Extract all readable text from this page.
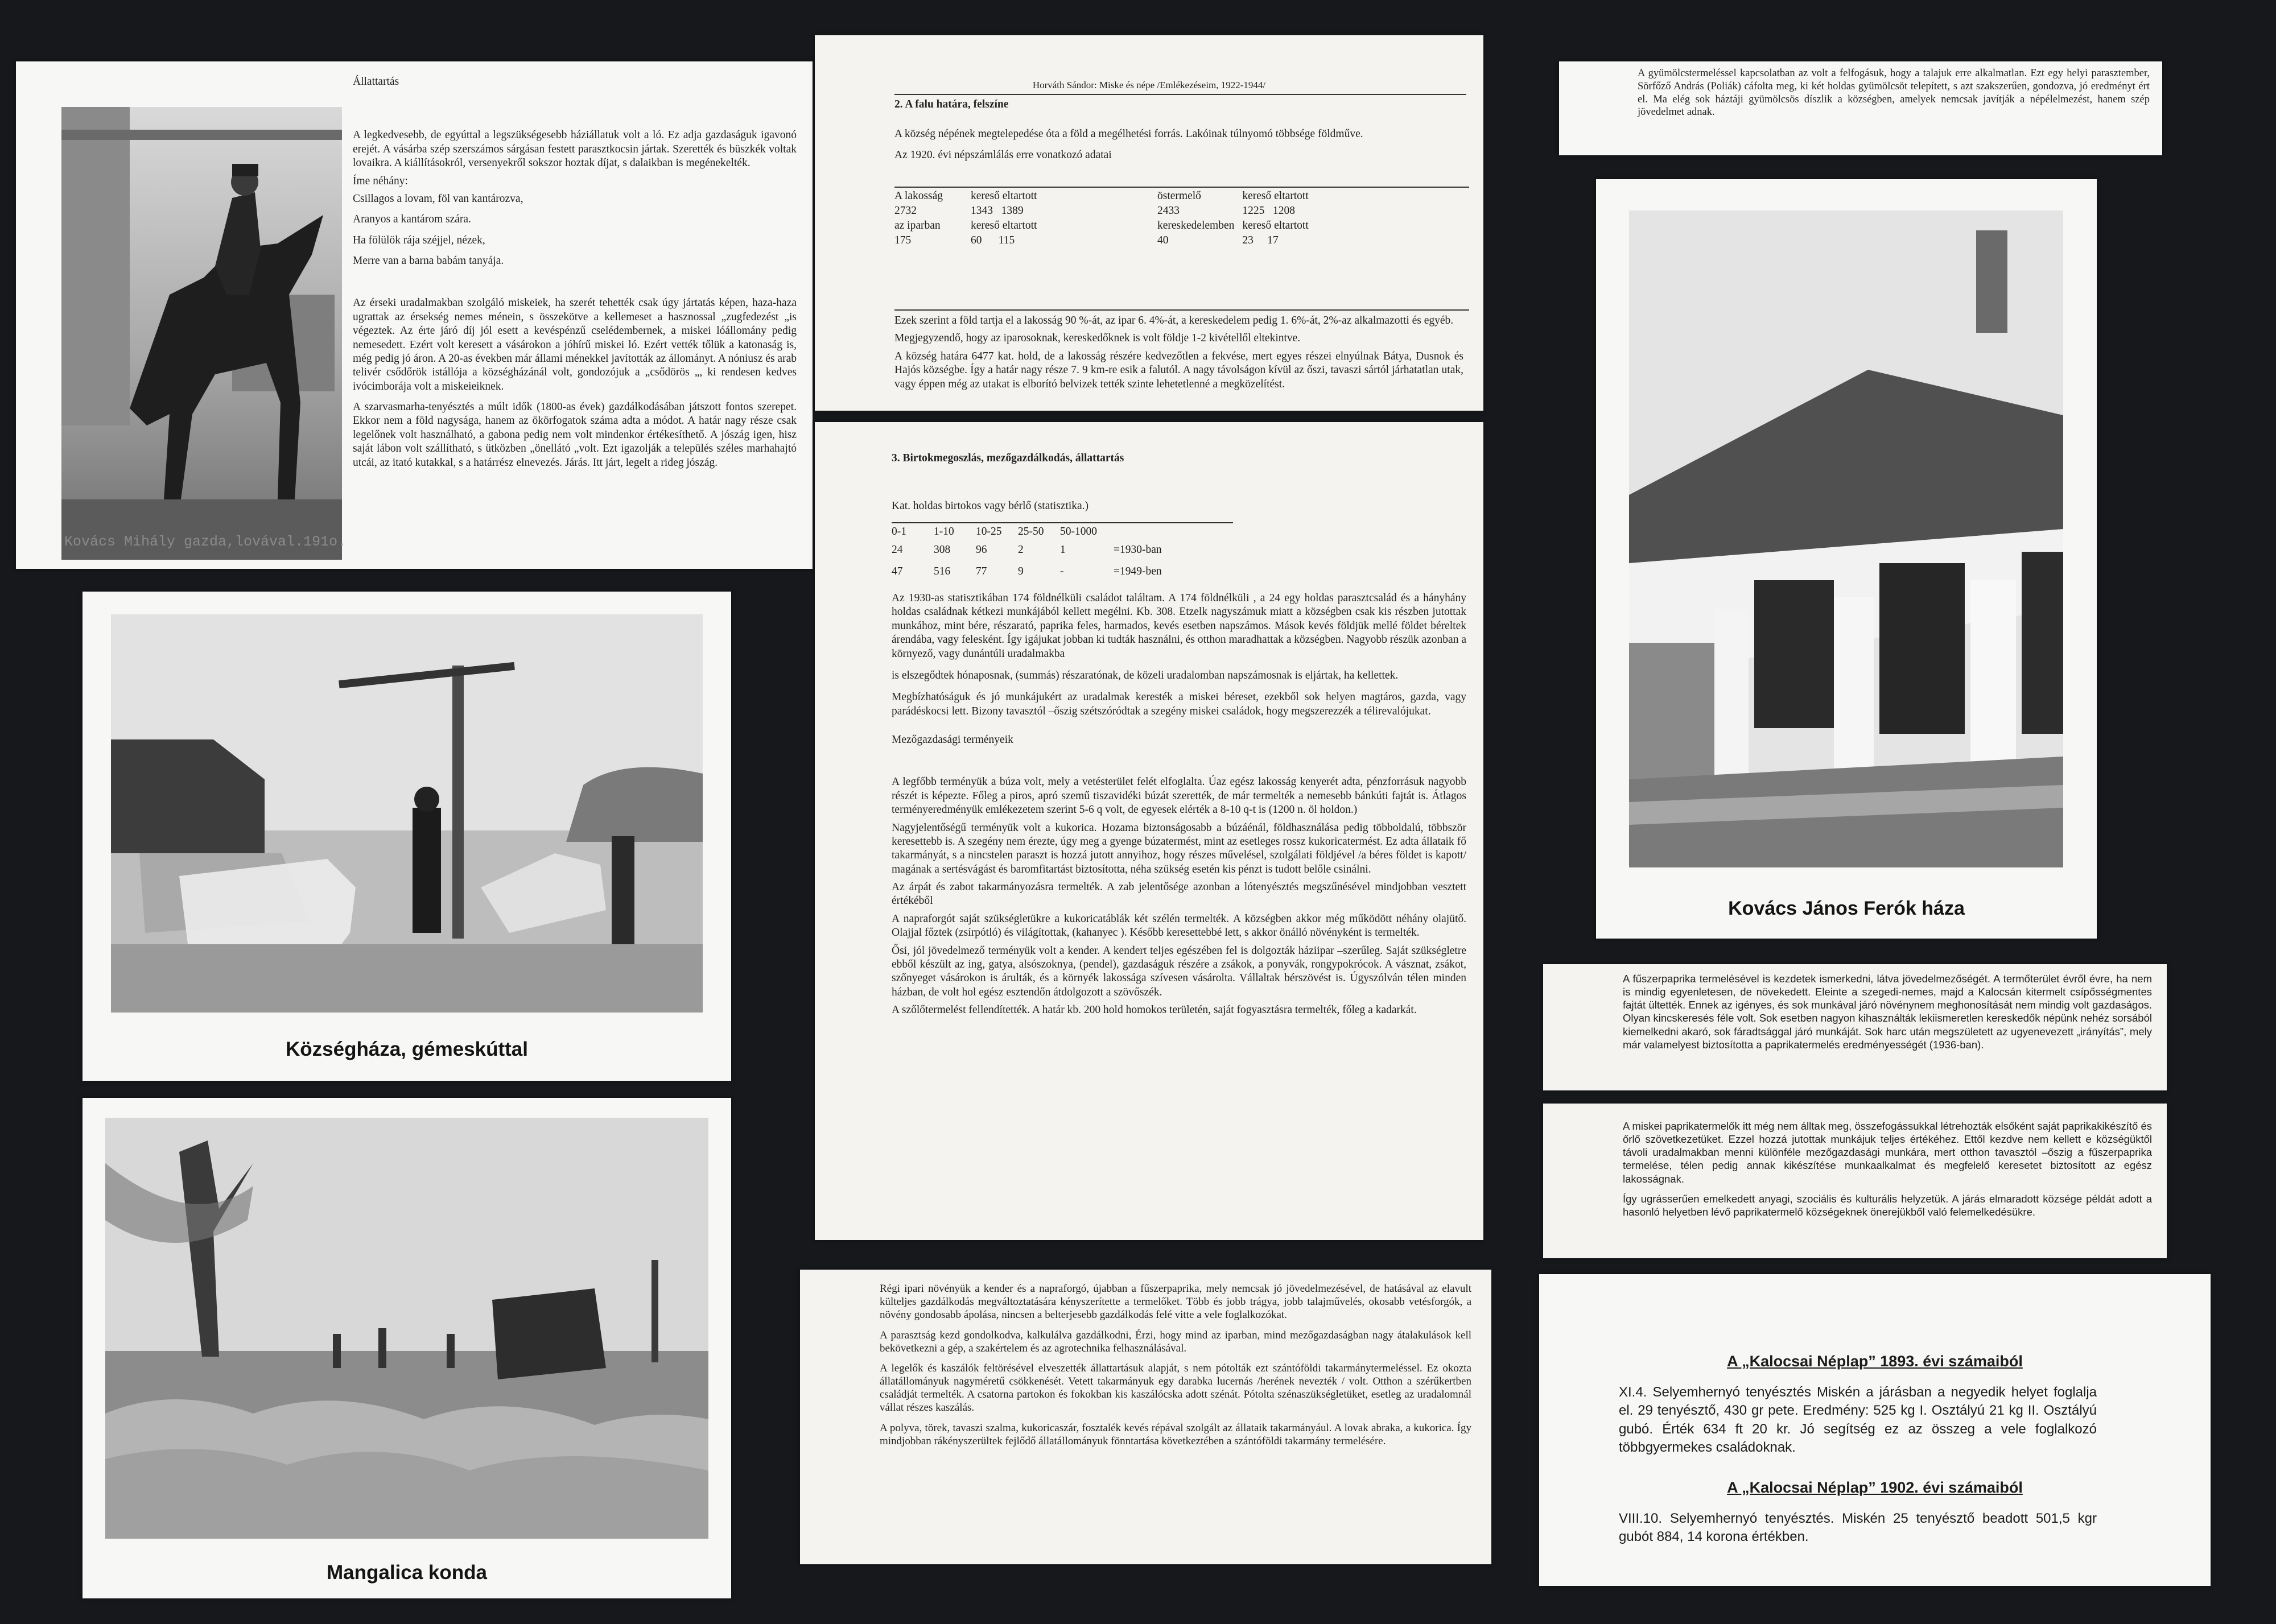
Kovács Mihály gazda,lovával.191o.

Állattartás

A legkedvesebb, de egyúttal a legszükségesebb háziállatuk volt a ló. Ez adja gazdaságuk igavonó erejét. A vásárba szép szerszámos sárgásan festett parasztkocsin jártak. Szerették és büszkék voltak lovaikra. A kiállításokról, versenyekről sokszor hoztak díjat, s dalaikban is megénekelték.

Íme néhány:

Csillagos a lovam, föl van kantározva,

Aranyos a kantárom szára.

Ha fölülök rája széjjel, nézek,

Merre van a barna babám tanyája.

Az érseki uradalmakban szolgáló miskeiek, ha szerét tehették csak úgy jártatás képen, haza-haza ugrattak az érsekség nemes ménein, s összekötve a kellemeset a hasznossal „zugfedezést „is végeztek. Az érte járó díj jól esett a kevéspénzű cselédembernek, a miskei lóállomány pedig nemesedett. Ezért volt keresett a vásárokon a jóhírű miskei ló. Ezért vették tőlük a katonaság is, még pedig jó áron. A 20-as években már állami ménekkel javították az állományt. A nóniusz és arab telivér csődőrök istállója a községházánál volt, gondozójuk a „csődörös „, ki rendesen kedves ivócimborája volt a miskeieiknek.

A szarvasmarha-tenyésztés a múlt idők (1800-as évek) gazdálkodásában játszott fontos szerepet. Ekkor nem a föld nagysága, hanem az ökörfogatok száma adta a módot. A határ nagy része csak legelőnek volt használható, a gabona pedig nem volt mindenkor értékesíthető. A jószág igen, hisz saját lábon volt szállítható, s ütközben „önellátó „volt. Ezt igazolják a település széles marhahajtó utcái, az itató kutakkal, s a határrész elnevezés. Járás. Itt járt, legelt a rideg jószág.

Községháza, gémeskúttal
Mangalica konda
Horváth Sándor: Miske és népe /Emlékezéseim, 1922-1944/

2. A falu határa, felszíne

A község népének megtelepedése óta a föld a megélhetési forrás. Lakóinak túlnyomó többsége földműve.

Az 1920. évi népszámlálás erre vonatkozó adatai

A lakosság	kereső eltartott		östermelő	kereső eltartott	
2732	1343 1389		2433	1225 1208	
az iparban	kereső eltartott		kereskedelemben	kereső eltartott	
175	60 115		40	23 17	

Ezek szerint a föld tartja el a lakosság 90 %-át, az ipar 6. 4%-át, a kereskedelem pedig 1. 6%-át, 2%-az alkalmazotti és egyéb.

Megjegyzendő, hogy az iparosoknak, kereskedőknek is volt földje 1-2 kivétellől eltekintve.

A község határa 6477 kat. hold, de a lakosság részére kedvezőtlen a fekvése, mert egyes részei elnyúlnak Bátya, Dusnok és Hajós községbe. Így a határ nagy része 7. 9 km-re esik a falutól. A nagy távolságon kívül az őszi, tavaszi sártól járhatatlan utak, vagy éppen még az utakat is elborító belvizek tették szinte lehetetlenné a megközelítést.

3. Birtokmegoszlás, mezőgazdálkodás, állattartás

Kat. holdas birtokos vagy bérlő (statisztika.)

0-1	1-10	10-25	25-50	50-1000	
24	308	96	2	1	=1930-ban
47	516	77	9	-	=1949-ben

Az 1930-as statisztikában 174 földnélküli családot találtam. A 174 földnélküli , a 24 egy holdas parasztcsalád és a hányhány holdas családnak kétkezi munkájából kellett megélni. Kb. 308. Etzelk nagyszámuk miatt a községben csak kis részben jutottak munkához, mint bére, részarató, paprika feles, harmados, kevés esetben napszámos. Mások kevés földjük mellé földet béreltek árendába, vagy felesként. Így igájukat jobban ki tudták használni, és otthon maradhattak a községben. Nagyobb részük azonban a környező, vagy dunántúli uradalmakba

is elszegődtek hónaposnak, (summás) részaratónak, de közeli uradalomban napszámosnak is eljártak, ha kellettek.

Megbízhatóságuk és jó munkájukért az uradalmak keresték a miskei béreset, ezekből sok helyen magtáros, gazda, vagy parádéskocsi lett. Bizony tavasztól –őszig szétszóródtak a szegény miskei családok, hogy megszerezzék a télirevalójukat.

Mezőgazdasági terményeik

A legfőbb terményük a búza volt, mely a vetésterület felét elfoglalta. Úaz egész lakosság kenyerét adta, pénzforrásuk nagyobb részét is képezte. Főleg a piros, apró szemű tiszavidéki búzát szerették, de már termelték a nemesebb bánkúti fajtát is. Átlagos terményeredményük emlékezetem szerint 5-6 q volt, de egyesek elérték a 8-10 q-t is (1200 n. öl holdon.)

Nagyjelentőségű terményük volt a kukorica. Hozama biztonságosabb a búzáénál, földhasználása pedig többoldalú, többször keresettebb is. A szegény nem érezte, úgy meg a gyenge búzatermést, mint az esetleges rossz kukoricatermést. Ez adta állataik fő takarmányát, s a nincstelen paraszt is hozzá jutott annyihoz, hogy részes művelésel, szolgálati földjével /a béres földet is kapott/ magának a sertésvágást és baromfitartást biztosította, néha szükség esetén kis pénzt is tudott belőle csinálni.

Az árpát és zabot takarmányozásra termelték. A zab jelentősége azonban a lótenyésztés megszűnésével mindjobban vesztett értékéből

A napraforgót saját szükségletükre a kukoricatáblák két szélén termelték. A községben akkor még működött néhány olajütő. Olajjal főztek (zsírpótló) és világítottak, (kahanyec ). Később keresettebbé lett, s akkor önálló növényként is termelték.

Ősi, jól jövedelmező terményük volt a kender. A kendert teljes egészében fel is dolgozták háziipar –szerűleg. Saját szükségletre ebből készült az ing, gatya, alsószoknya, (pendel), gazdaságuk részére a zsákok, a ponyvák, rongypokrócok. A vásznat, zsákot, szőnyeget vásárokon is árulták, és a környék lakossága szívesen vásárolta. Vállaltak bérszövést is. Úgyszólván télen minden házban, de volt hol egész esztendőn átdolgozott a szövőszék.

A szőlőtermelést fellendítették. A határ kb. 200 hold homokos területén, saját fogyasztásra termelték, főleg a kadarkát.

Régi ipari növényük a kender és a napraforgó, újabban a fűszerpaprika, mely nemcsak jó jövedelmezésével, de hatásával az elavult külteljes gazdálkodás megváltoztatására kényszerítette a termelőket. Több és jobb trágya, jobb talajművelés, okosabb vetésforgók, a növény gondosabb ápolása, nincsen a belterjesebb gazdálkodás felé vitte a vele foglalkozókat.

A parasztság kezd gondolkodva, kalkulálva gazdálkodni, Érzi, hogy mind az iparban, mind mezőgazdaságban nagy átalakulások kell bekövetkezni a gép, a szakértelem és az agrotechnika felhasználásával.

A legelők és kaszálók feltörésével elveszették állattartásuk alapját, s nem pótolták ezt szántóföldi takarmánytermeléssel. Ez okozta állatállományuk nagyméretű csökkenését. Vetett takarmányuk egy darabka lucernás /herének nevezték / volt. Otthon a szérűkertben családját termelték. A csatorna partokon és fokokban kis kaszálócska adott szénát. Pótolta szénaszükségletüket, esetleg az uradalomnál vállat részes kaszálás.

A polyva, törek, tavaszi szalma, kukoricaszár, fosztalék kevés répával szolgált az állataik takarmányául. A lovak abraka, a kukorica. Így mindjobban rákényszerültek fejlődő állatállományuk fönntartása következtében a szántóföldi takarmány termelésére.

A gyümölcstermeléssel kapcsolatban az volt a felfogásuk, hogy a talajuk erre alkalmatlan. Ezt egy helyi parasztember, Sörfőző András (Poliák) cáfolta meg, ki két holdas gyümölcsöt telepített, s azt szakszerűen, gondozva, jó eredményt ért el. Ma elég sok háztáji gyümölcsös díszlik a községben, amelyek nemcsak javítják a népélelmezést, hanem szép jövedelmet adnak.

Kovács János Ferók háza

A fűszerpaprika termelésével is kezdetek ismerkedni, látva jövedelmezőségét. A termőterület évről évre, ha nem is mindig egyenletesen, de növekedett. Eleinte a szegedi-nemes, majd a Kalocsán kitermelt csípősségmentes fajtát ültették. Ennek az igényes, és sok munkával járó növénynem meghonosítását nem mindig volt gazdaságos. Olyan kincskeresés féle volt. Sok esetben nagyon kihasználták lekiismeretlen kereskedők népünk nehéz sorsából kiemelkedni akaró, sok fáradtsággal járó munkáját. Sok harc után megszületett az ugyenevezett „irányítás”, mely már valamelyest biztosította a paprikatermelés eredményességét (1936-ban).

A miskei paprikatermelők itt még nem álltak meg, összefogássukkal létrehozták elsőként saját paprikakikészítő és őrlő szövetkezetüket. Ezzel hozzá jutottak munkájuk teljes értékéhez. Ettől kezdve nem kellett e községüktől távoli uradalmakban menni különféle mezőgazdasági munkára, mert otthon tavasztól –őszig a fűszerpaprika termelése, télen pedig annak kikészítése munkaalkalmat és megfelelő keresetet biztosított az egész lakosságnak.

Így ugrásserűen emelkedett anyagi, szociális és kulturális helyzetük. A járás elmaradott községe példát adott a hasonló helyetben lévő paprikatermelő községeknek önerejükből való felemelkedésükre.

A „Kalocsai Néplap” 1893. évi számaiból
XI.4. Selyemhernyó tenyésztés Miskén a járásban a negyedik helyet foglalja el. 29 tenyésztő, 430 gr pete. Eredmény: 525 kg I. Osztályú 21 kg II. Osztályú gubó. Érték 634 ft 20 kr. Jó segítség ez az összeg a vele foglalkozó többgyermekes családoknak.
A „Kalocsai Néplap” 1902. évi számaiból
VIII.10. Selyemhernyó tenyésztés. Miskén 25 tenyésztő beadott 501,5 kgr gubót 884, 14 korona értékben.
